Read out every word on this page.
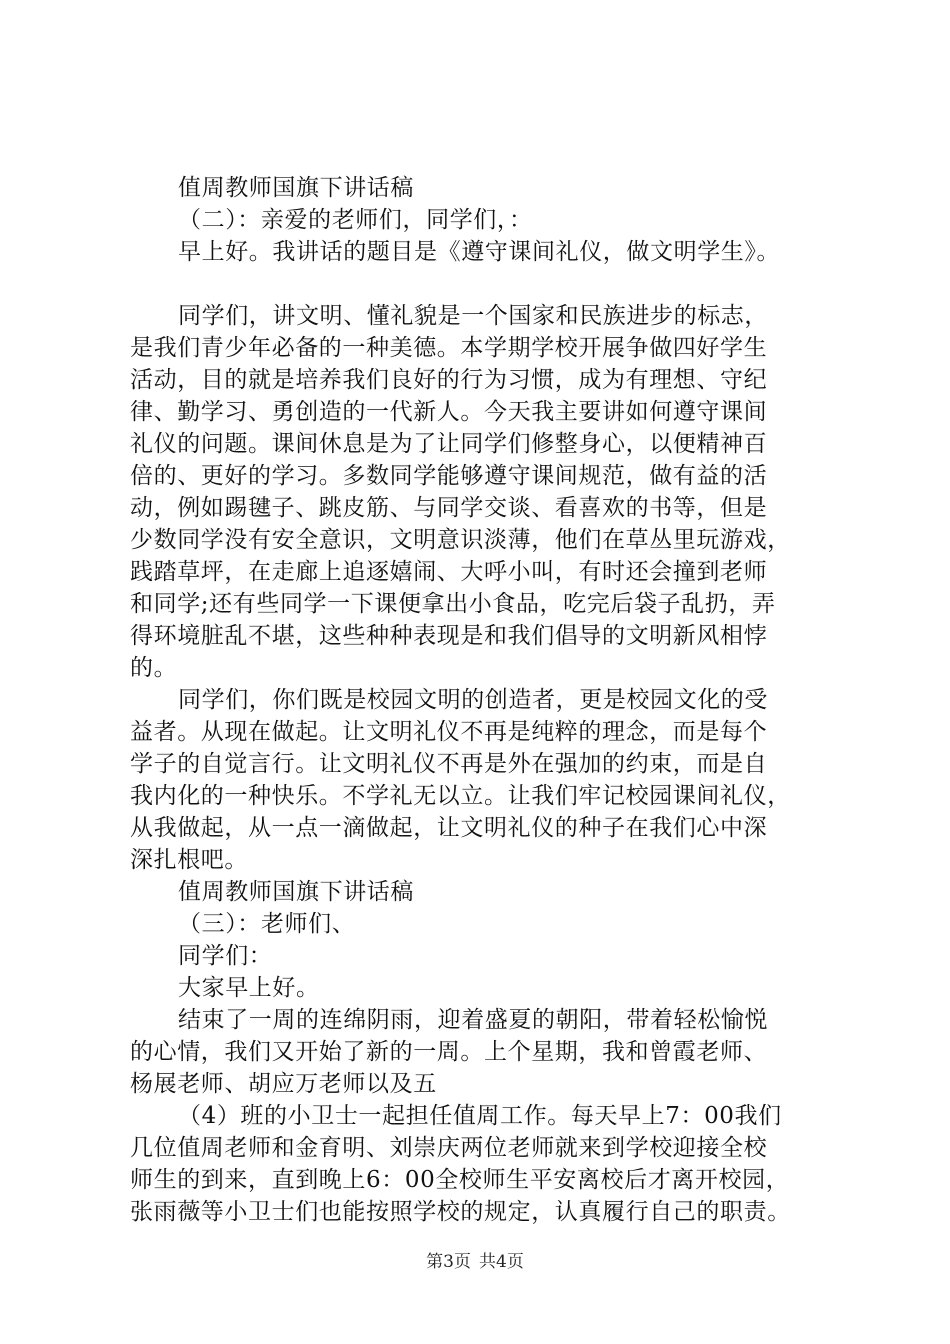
值周教师国旗下讲话稿
（二）：亲爱的老师们，同学们，：
早上好。我讲话的题目是《遵守课间礼仪，做文明学生》。
同学们，讲文明、懂礼貌是一个国家和民族进步的标志，
是我们青少年必备的一种美德。本学期学校开展争做四好学生
活动，目的就是培养我们良好的行为习惯，成为有理想、守纪
律、勤学习、勇创造的一代新人。今天我主要讲如何遵守课间
礼仪的问题。课间休息是为了让同学们修整身心，以便精神百
倍的、更好的学习。多数同学能够遵守课间规范，做有益的活
动，例如踢毽子、跳皮筋、与同学交谈、看喜欢的书等，但是
少数同学没有安全意识，文明意识淡薄，他们在草丛里玩游戏，
践踏草坪，在走廊上追逐嬉闹、大呼小叫，有时还会撞到老师
和同学;还有些同学一下课便拿出小食品，吃完后袋子乱扔，弄
得环境脏乱不堪，这些种种表现是和我们倡导的文明新风相悖
的。
同学们，你们既是校园文明的创造者，更是校园文化的受
益者。从现在做起。让文明礼仪不再是纯粹的理念，而是每个
学子的自觉言行。让文明礼仪不再是外在强加的约束，而是自
我内化的一种快乐。不学礼无以立。让我们牢记校园课间礼仪，
从我做起，从一点一滴做起，让文明礼仪的种子在我们心中深
深扎根吧。
值周教师国旗下讲话稿
（三）：老师们、
同学们：
大家早上好。
结束了一周的连绵阴雨，迎着盛夏的朝阳，带着轻松愉悦
的心情，我们又开始了新的一周。上个星期，我和曾霞老师、
杨展老师、胡应万老师以及五
（4）班的小卫士一起担任值周工作。每天早上7：00我们
几位值周老师和金育明、刘崇庆两位老师就来到学校迎接全校
师生的到来，直到晚上6：00全校师生平安离校后才离开校园，
张雨薇等小卫士们也能按照学校的规定，认真履行自己的职责。
第3页 共4页
